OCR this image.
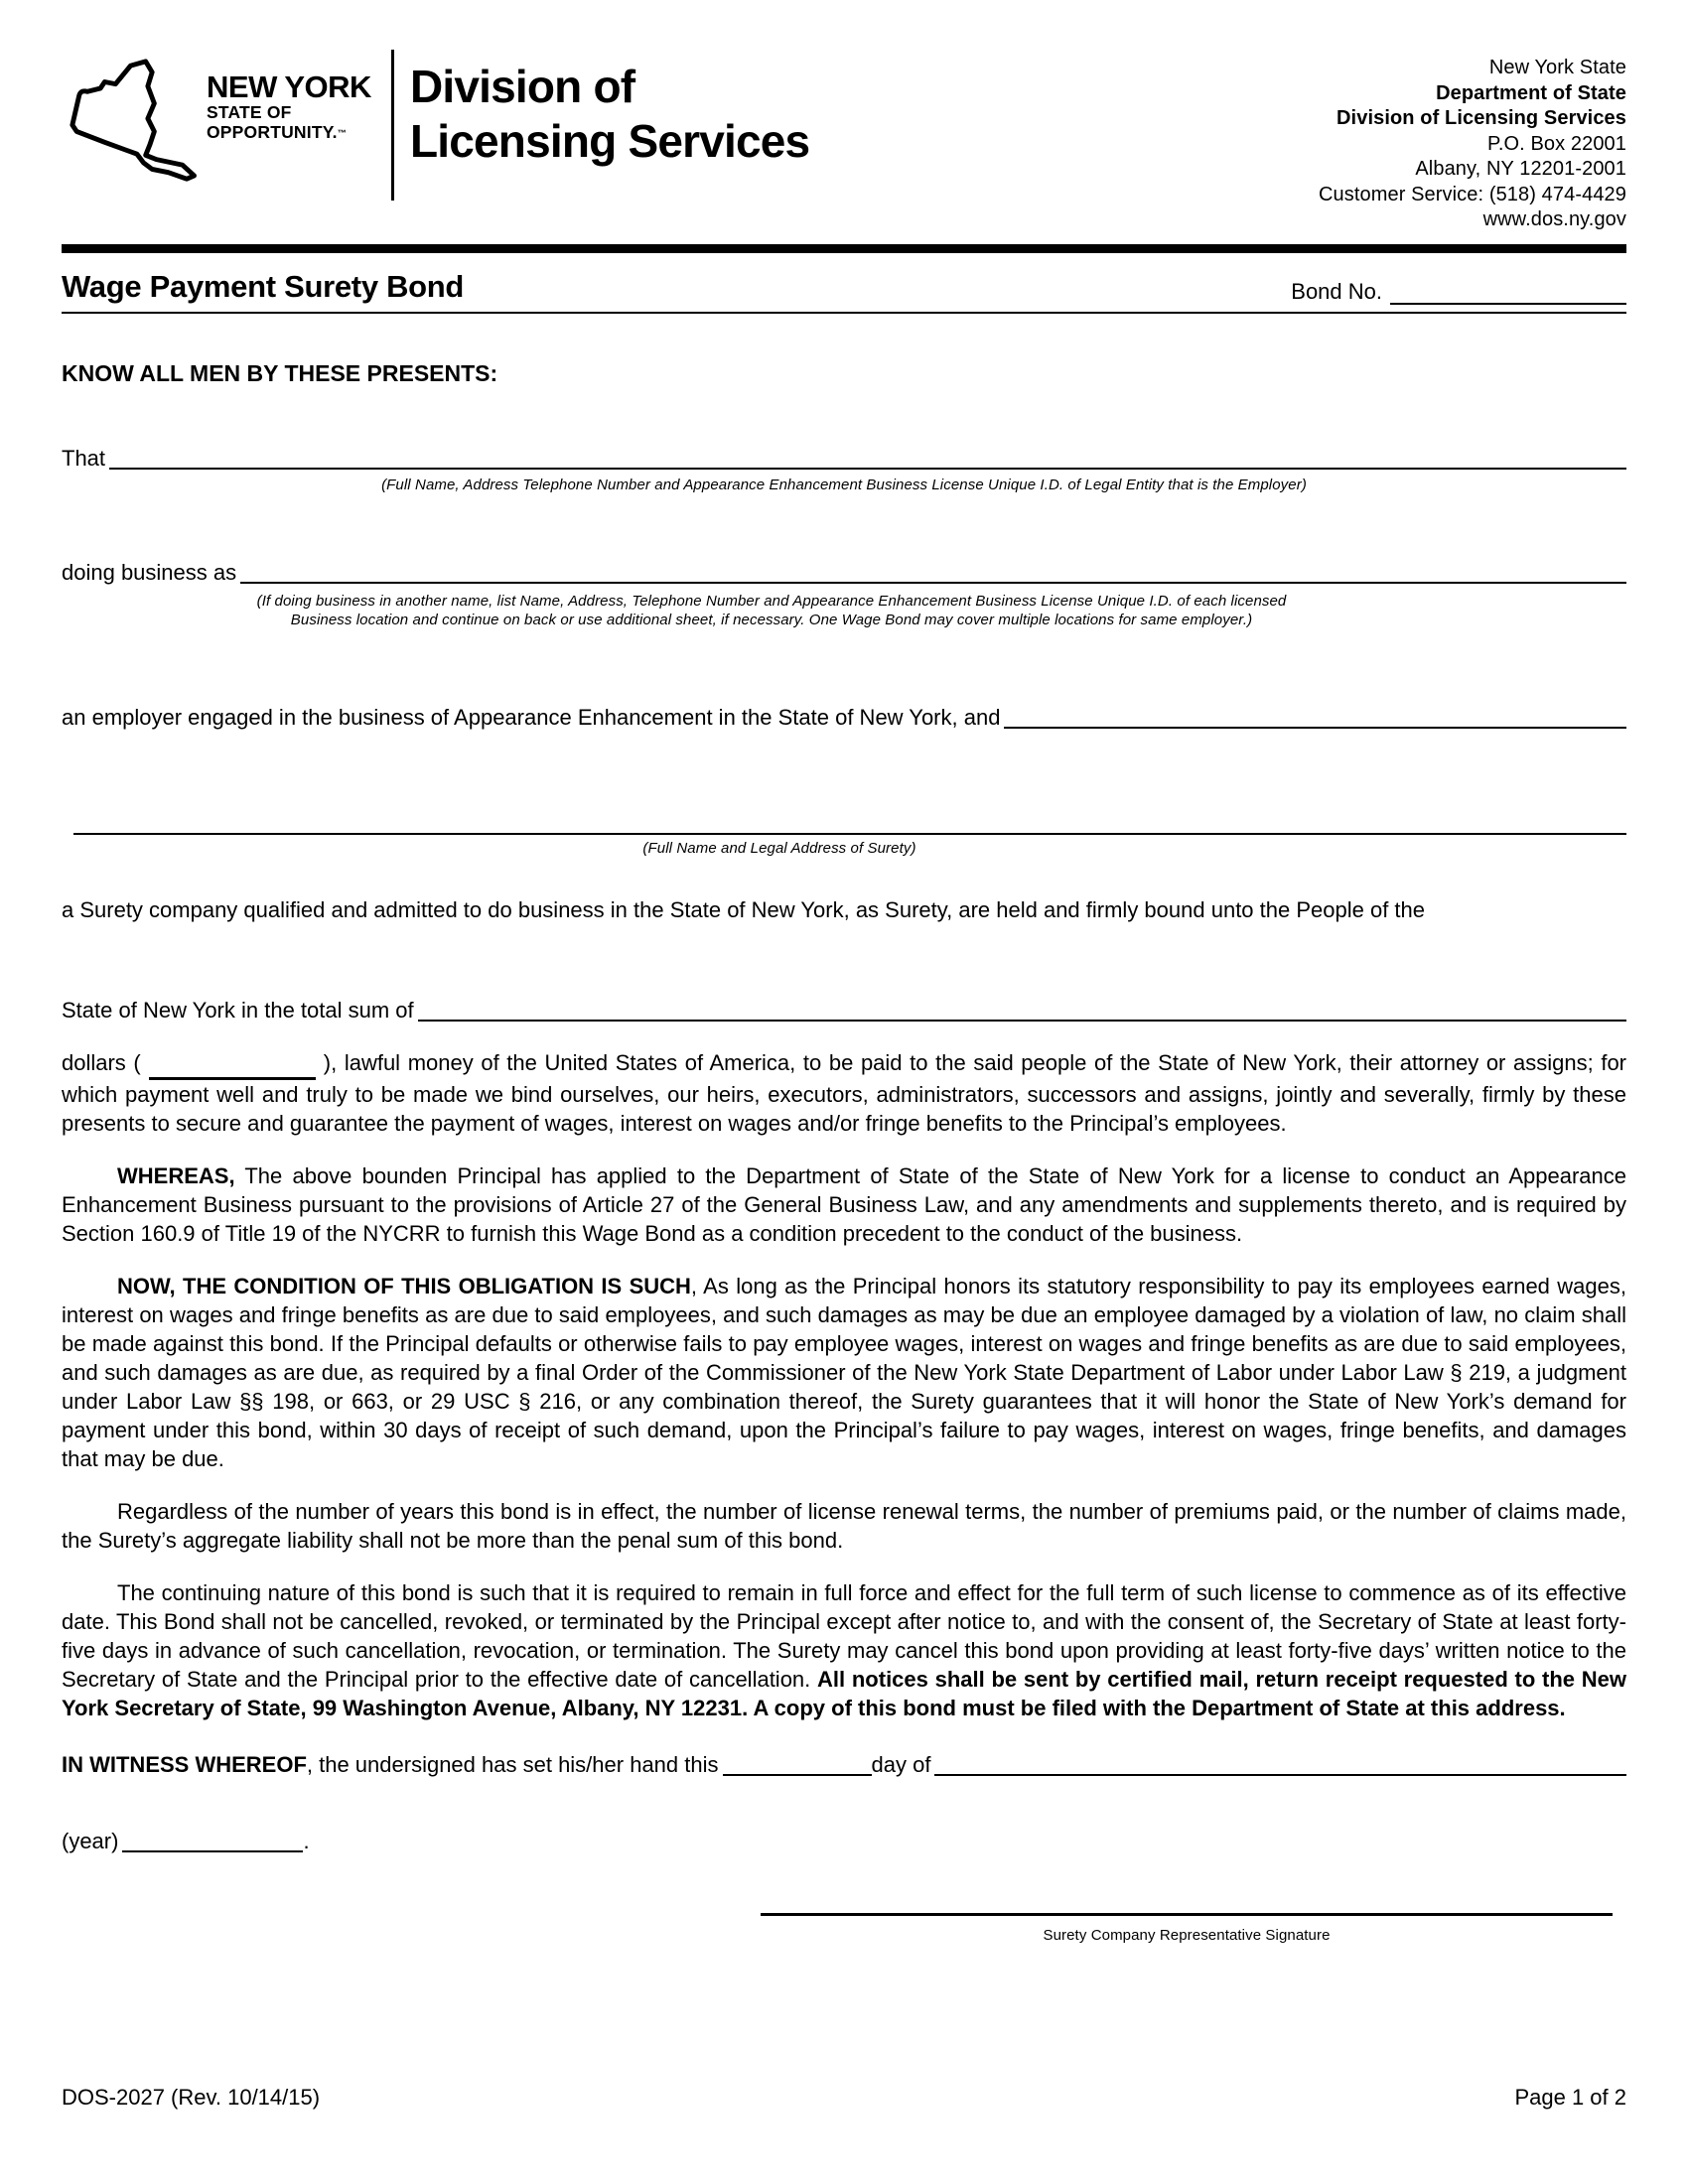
NEW YORK
STATE OF
OPPORTUNITY.™
Division of
Licensing Services
New York State
Department of State
Division of Licensing Services
P.O. Box 22001
Albany, NY 12201-2001
Customer Service: (518) 474-4429
www.dos.ny.gov
Wage Payment Surety Bond	Bond No.

KNOW ALL MEN BY THESE PRESENTS:
That
(Full Name, Address Telephone Number and Appearance Enhancement Business License Unique I.D. of Legal Entity that is the Employer)
doing business as
(If doing business in another name, list Name, Address, Telephone Number and Appearance Enhancement Business License Unique I.D. of each licensed
Business location and continue on back or use additional sheet, if necessary. One Wage Bond may cover multiple locations for same employer.)
an employer engaged in the business of Appearance Enhancement in the State of New York, and
(Full Name and Legal Address of Surety)
a Surety company qualified and admitted to do business in the State of New York, as Surety, are held and firmly bound unto the People of the
State of New York in the total sum of

dollars (	), lawful money of the United States of America, to be paid to the said people of the State of New York, their attorney or assigns; for which payment well and truly to be made we bind ourselves, our heirs, executors, administrators, successors and assigns, jointly and severally, firmly by these presents to secure and guarantee the payment of wages, interest on wages and/or fringe benefits to the Principal’s employees.

WHEREAS, The above bounden Principal has applied to the Department of State of the State of New York for a license to conduct an Appearance Enhancement Business pursuant to the provisions of Article 27 of the General Business Law, and any amendments and supplements thereto, and is required by Section 160.9 of Title 19 of the NYCRR to furnish this Wage Bond as a condition precedent to the conduct of the business.

NOW, THE CONDITION OF THIS OBLIGATION IS SUCH, As long as the Principal honors its statutory responsibility to pay its employees earned wages, interest on wages and fringe benefits as are due to said employees, and such damages as may be due an employee damaged by a violation of law, no claim shall be made against this bond. If the Principal defaults or otherwise fails to pay employee wages, interest on wages and fringe benefits as are due to said employees, and such damages as are due, as required by a final Order of the Commissioner of the New York State Department of Labor under Labor Law § 219, a judgment under Labor Law §§ 198, or 663, or 29 USC § 216, or any combination thereof, the Surety guarantees that it will honor the State of New York’s demand for payment under this bond, within 30 days of receipt of such demand, upon the Principal’s failure to pay wages, interest on wages, fringe benefits, and damages that may be due.

Regardless of the number of years this bond is in effect, the number of license renewal terms, the number of premiums paid, or the number of claims made, the Surety’s aggregate liability shall not be more than the penal sum of this bond.

The continuing nature of this bond is such that it is required to remain in full force and effect for the full term of such license to commence as of its effective date. This Bond shall not be cancelled, revoked, or terminated by the Principal except after notice to, and with the consent of, the Secretary of State at least forty-five days in advance of such cancellation, revocation, or termination. The Surety may cancel this bond upon providing at least forty-five days’ written notice to the Secretary of State and the Principal prior to the effective date of cancellation. All notices shall be sent by certified mail, return receipt requested to the New York Secretary of State, 99 Washington Avenue, Albany, NY 12231. A copy of this bond must be filed with the Department of State at this address.

IN WITNESS WHEREOF , the undersigned has set his/her hand this	day of
(year)	.
Surety Company Representative Signature
DOS-2027 (Rev. 10/14/15)	Page 1 of 2
